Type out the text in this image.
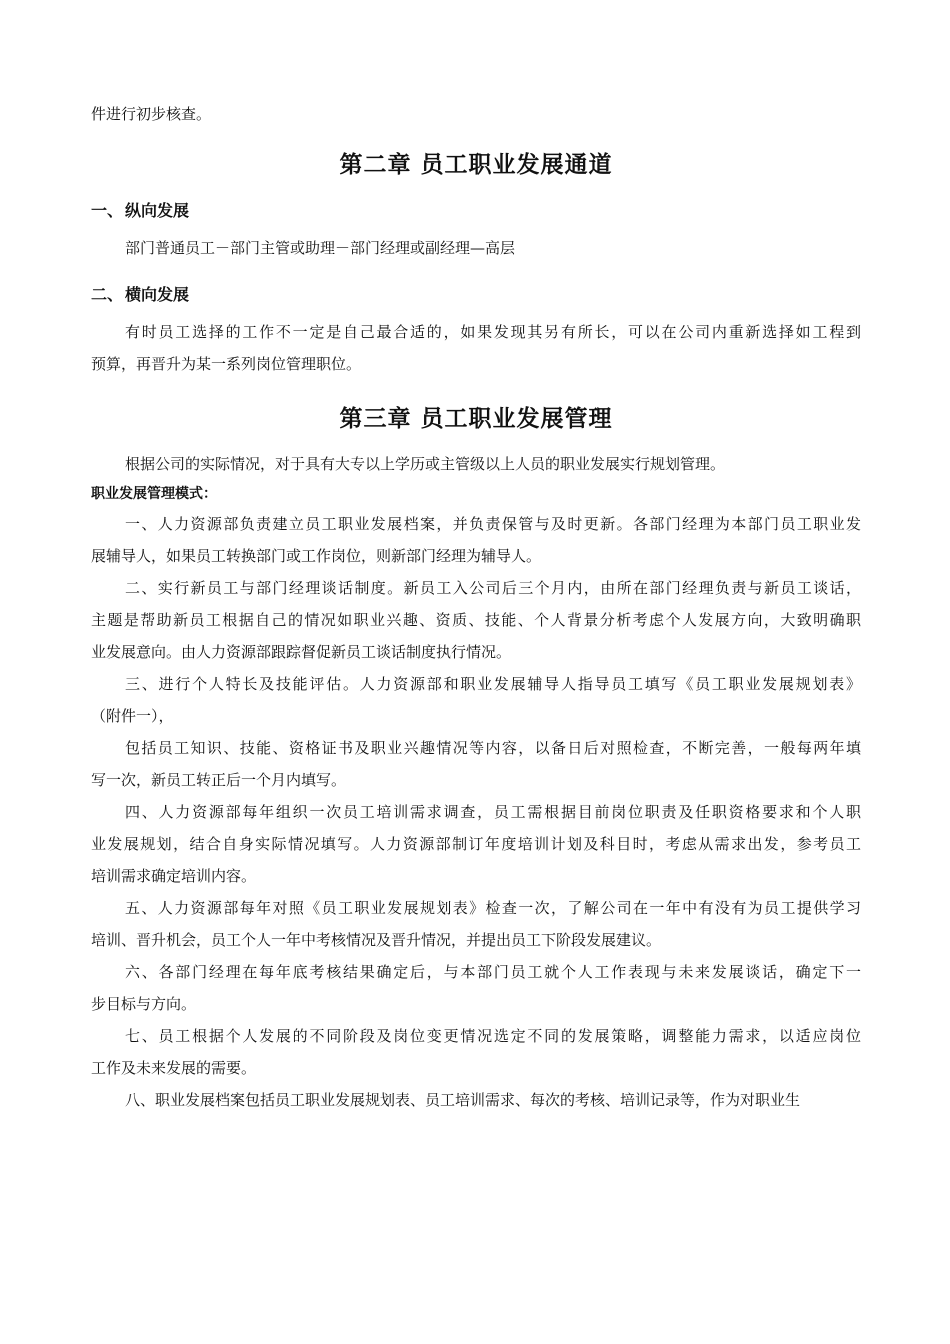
件进行初步核查。
第二章 员工职业发展通道
一、 纵向发展
部门普通员工－部门主管或助理－部门经理或副经理—高层
二、 横向发展
有时员工选择的工作不一定是自己最合适的，如果发现其另有所长，可以在公司内重新选择如工程到
预算，再晋升为某一系列岗位管理职位。
第三章 员工职业发展管理
根据公司的实际情况，对于具有大专以上学历或主管级以上人员的职业发展实行规划管理。
职业发展管理模式：
一、人力资源部负责建立员工职业发展档案，并负责保管与及时更新。各部门经理为本部门员工职业发
展辅导人，如果员工转换部门或工作岗位，则新部门经理为辅导人。
二、实行新员工与部门经理谈话制度。新员工入公司后三个月内，由所在部门经理负责与新员工谈话，
主题是帮助新员工根据自己的情况如职业兴趣、资质、技能、个人背景分析考虑个人发展方向，大致明确职
业发展意向。由人力资源部跟踪督促新员工谈话制度执行情况。
三、进行个人特长及技能评估。人力资源部和职业发展辅导人指导员工填写《员工职业发展规划表》
（附件一），
包括员工知识、技能、资格证书及职业兴趣情况等内容，以备日后对照检查，不断完善，一般每两年填
写一次，新员工转正后一个月内填写。
四、人力资源部每年组织一次员工培训需求调查，员工需根据目前岗位职责及任职资格要求和个人职
业发展规划，结合自身实际情况填写。人力资源部制订年度培训计划及科目时，考虑从需求出发，参考员工
培训需求确定培训内容。
五、人力资源部每年对照《员工职业发展规划表》检查一次，了解公司在一年中有没有为员工提供学习
培训、晋升机会，员工个人一年中考核情况及晋升情况，并提出员工下阶段发展建议。
六、各部门经理在每年底考核结果确定后，与本部门员工就个人工作表现与未来发展谈话，确定下一
步目标与方向。
七、员工根据个人发展的不同阶段及岗位变更情况选定不同的发展策略，调整能力需求，以适应岗位
工作及未来发展的需要。
八、职业发展档案包括员工职业发展规划表、员工培训需求、每次的考核、培训记录等，作为对职业生
